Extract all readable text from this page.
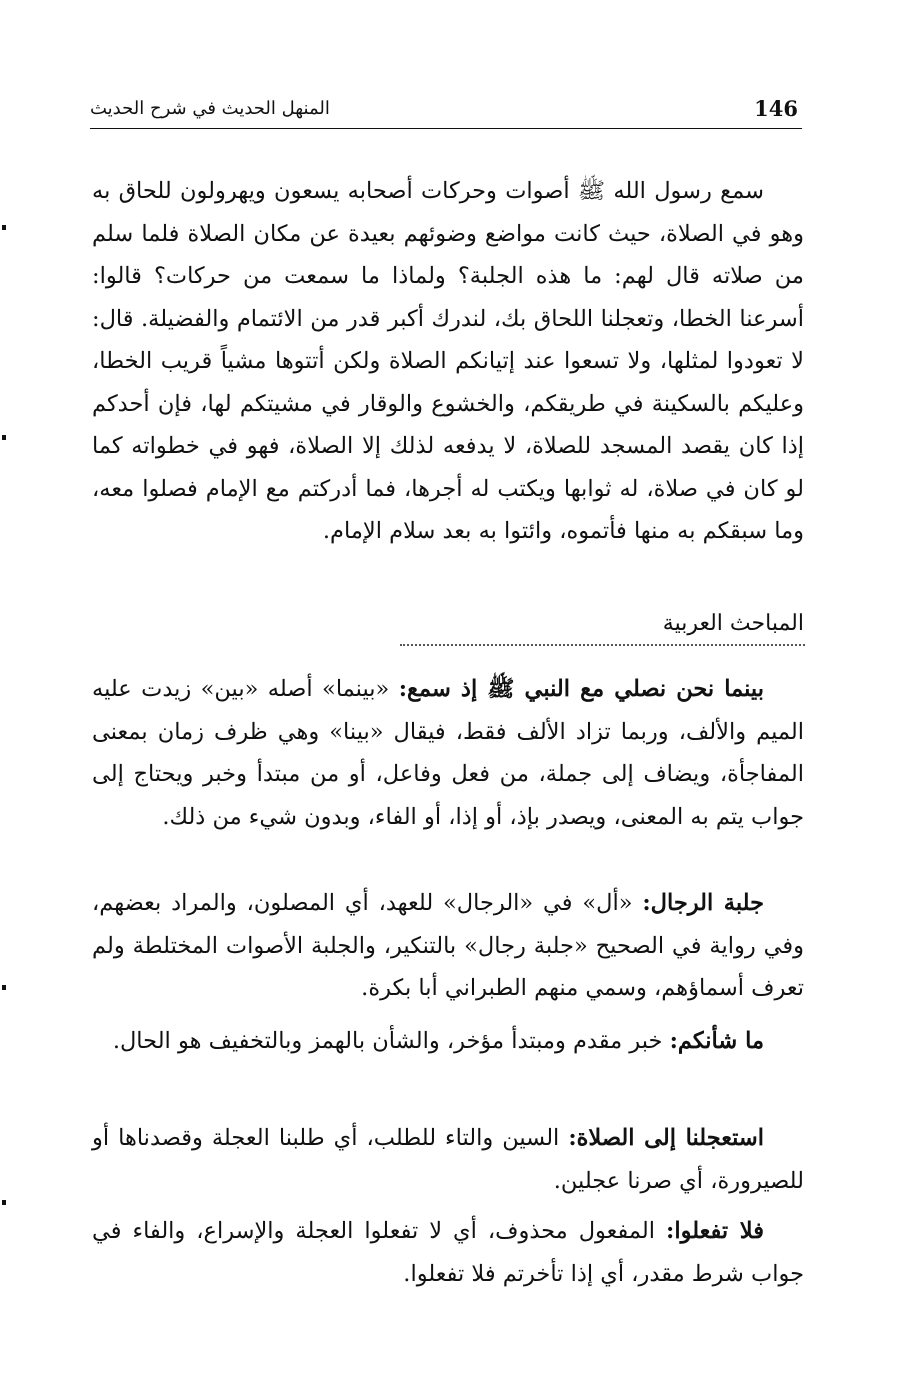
146
المنهل الحديث في شرح الحديث

سمع رسول الله ﷺ أصوات وحركات أصحابه يسعون ويهرولون للحاق به وهو في الصلاة، حيث كانت مواضع وضوئهم بعيدة عن مكان الصلاة فلما سلم من صلاته قال لهم: ما هذه الجلبة؟ ولماذا ما سمعت من حركات؟ قالوا: أسرعنا الخطا، وتعجلنا اللحاق بك، لندرك أكبر قدر من الائتمام والفضيلة. قال: لا تعودوا لمثلها، ولا تسعوا عند إتيانكم الصلاة ولكن أتتوها مشياً قريب الخطا، وعليكم بالسكينة في طريقكم، والخشوع والوقار في مشيتكم لها، فإن أحدكم إذا كان يقصد المسجد للصلاة، لا يدفعه لذلك إلا الصلاة، فهو في خطواته كما لو كان في صلاة، له ثوابها ويكتب له أجرها، فما أدركتم مع الإمام فصلوا معه، وما سبقكم به منها فأتموه، وائتوا به بعد سلام الإمام.

المباحث العربية

بينما نحن نصلي مع النبي ﷺ إذ سمع: «بينما» أصله «بين» زيدت عليه الميم والألف، وربما تزاد الألف فقط، فيقال «بينا» وهي ظرف زمان بمعنى المفاجأة، ويضاف إلى جملة، من فعل وفاعل، أو من مبتدأ وخبر ويحتاج إلى جواب يتم به المعنى، ويصدر بإذ، أو إذا، أو الفاء، وبدون شيء من ذلك.

جلبة الرجال: «أل» في «الرجال» للعهد، أي المصلون، والمراد بعضهم، وفي رواية في الصحيح «جلبة رجال» بالتنكير، والجلبة الأصوات المختلطة ولم تعرف أسماؤهم، وسمي منهم الطبراني أبا بكرة.

ما شأنكم: خبر مقدم ومبتدأ مؤخر، والشأن بالهمز وبالتخفيف هو الحال.

استعجلنا إلى الصلاة: السين والتاء للطلب، أي طلبنا العجلة وقصدناها أو للصيرورة، أي صرنا عجلين.

فلا تفعلوا: المفعول محذوف، أي لا تفعلوا العجلة والإسراع، والفاء في جواب شرط مقدر، أي إذا تأخرتم فلا تفعلوا.
